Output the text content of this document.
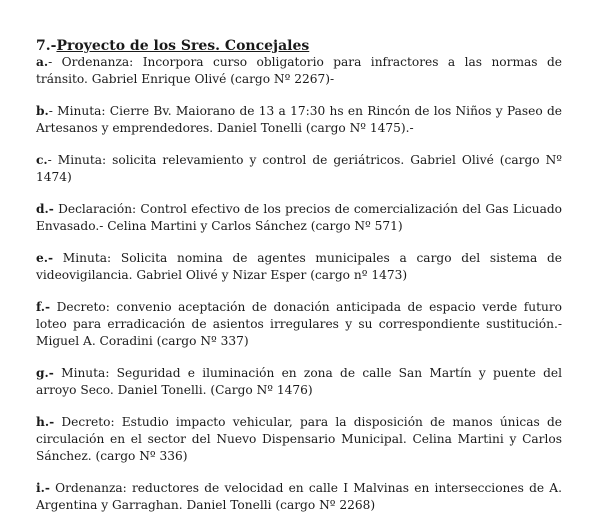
7.-Proyecto de los Sres. Concejales

a.- Ordenanza: Incorpora curso obligatorio para infractores a las normas de tránsito. Gabriel Enrique Olivé (cargo Nº 2267)-

b.- Minuta: Cierre Bv. Maiorano de 13 a 17:30 hs en Rincón de los Niños y Paseo de Artesanos y emprendedores. Daniel Tonelli (cargo Nº 1475).-

c.- Minuta: solicita relevamiento y control de geriátricos. Gabriel Olivé (cargo Nº 1474)

d.- Declaración: Control efectivo de los precios de comercialización del Gas Licuado Envasado.- Celina Martini y Carlos Sánchez (cargo Nº 571)

e.- Minuta: Solicita nomina de agentes municipales a cargo del sistema de videovigilancia. Gabriel Olivé y Nizar Esper (cargo nº 1473)

f.- Decreto: convenio aceptación de donación anticipada de espacio verde futuro loteo para erradicación de asientos irregulares y su correspondiente sustitución.- Miguel A. Coradini (cargo Nº 337)

g.- Minuta: Seguridad e iluminación en zona de calle San Martín y puente del arroyo Seco. Daniel Tonelli. (Cargo Nº 1476)

h.- Decreto: Estudio impacto vehicular, para la disposición de manos únicas de circulación en el sector del Nuevo Dispensario Municipal. Celina Martini y Carlos Sánchez. (cargo Nº 336)

i.- Ordenanza: reductores de velocidad en calle I Malvinas en intersecciones de A. Argentina y Garraghan. Daniel Tonelli (cargo Nº 2268)
